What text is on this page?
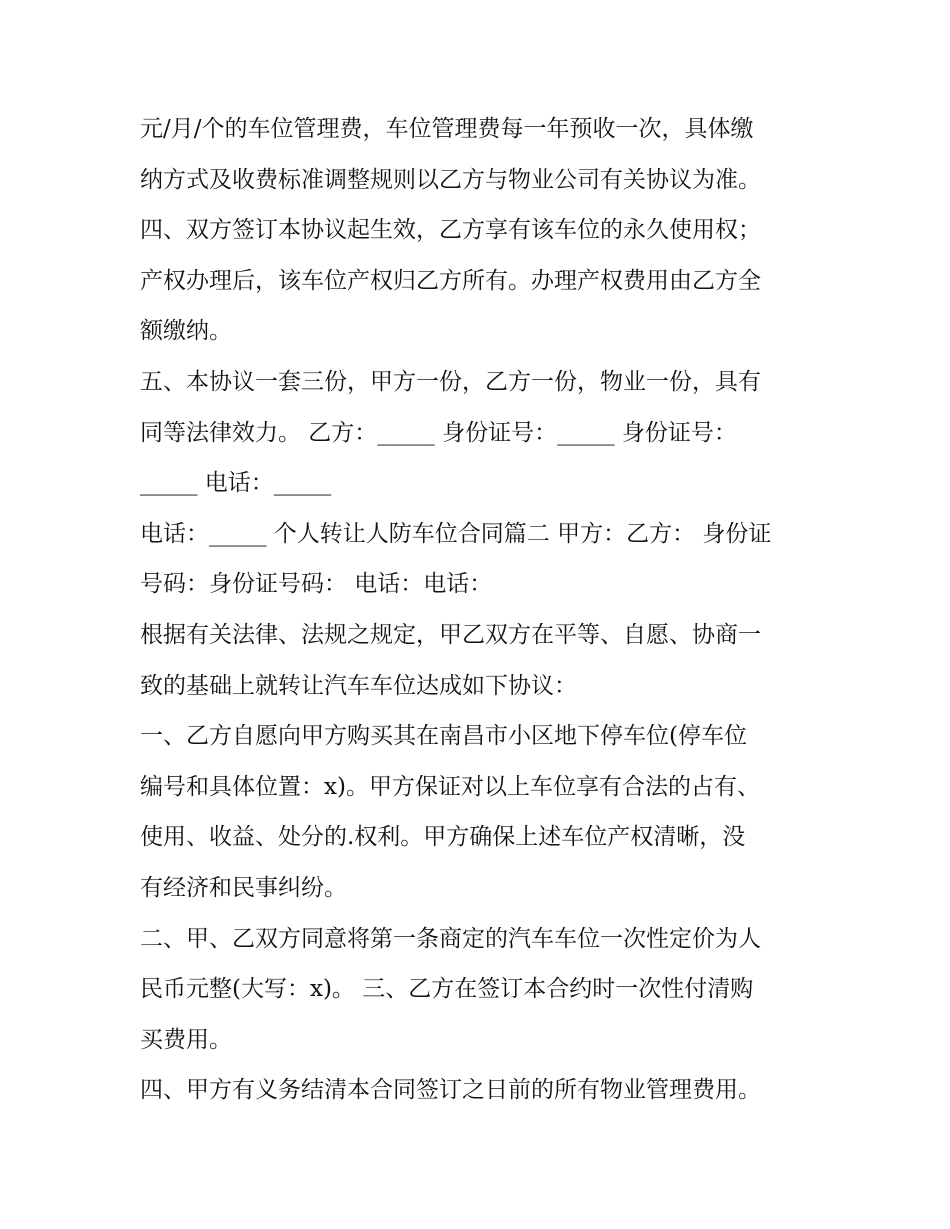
元/月/个的车位管理费，车位管理费每一年预收一次，具体缴
纳方式及收费标准调整规则以乙方与物业公司有关协议为准。
四、双方签订本协议起生效，乙方享有该车位的永久使用权；
产权办理后，该车位产权归乙方所有。办理产权费用由乙方全
额缴纳。
五、本协议一套三份，甲方一份，乙方一份，物业一份，具有
同等法律效力。 乙方：_____ 身份证号：_____ 身份证号：
_____ 电话：_____
电话：_____ 个人转让人防车位合同篇二 甲方：乙方： 身份证
号码：身份证号码： 电话：电话：
根据有关法律、法规之规定，甲乙双方在平等、自愿、协商一
致的基础上就转让汽车车位达成如下协议：
一、乙方自愿向甲方购买其在南昌市小区地下停车位(停车位
编号和具体位置：x)。甲方保证对以上车位享有合法的占有、
使用、收益、处分的.权利。甲方确保上述车位产权清晰，没
有经济和民事纠纷。
二、甲、乙双方同意将第一条商定的汽车车位一次性定价为人
民币元整(大写：x)。 三、乙方在签订本合约时一次性付清购
买费用。
四、甲方有义务结清本合同签订之日前的所有物业管理费用。
